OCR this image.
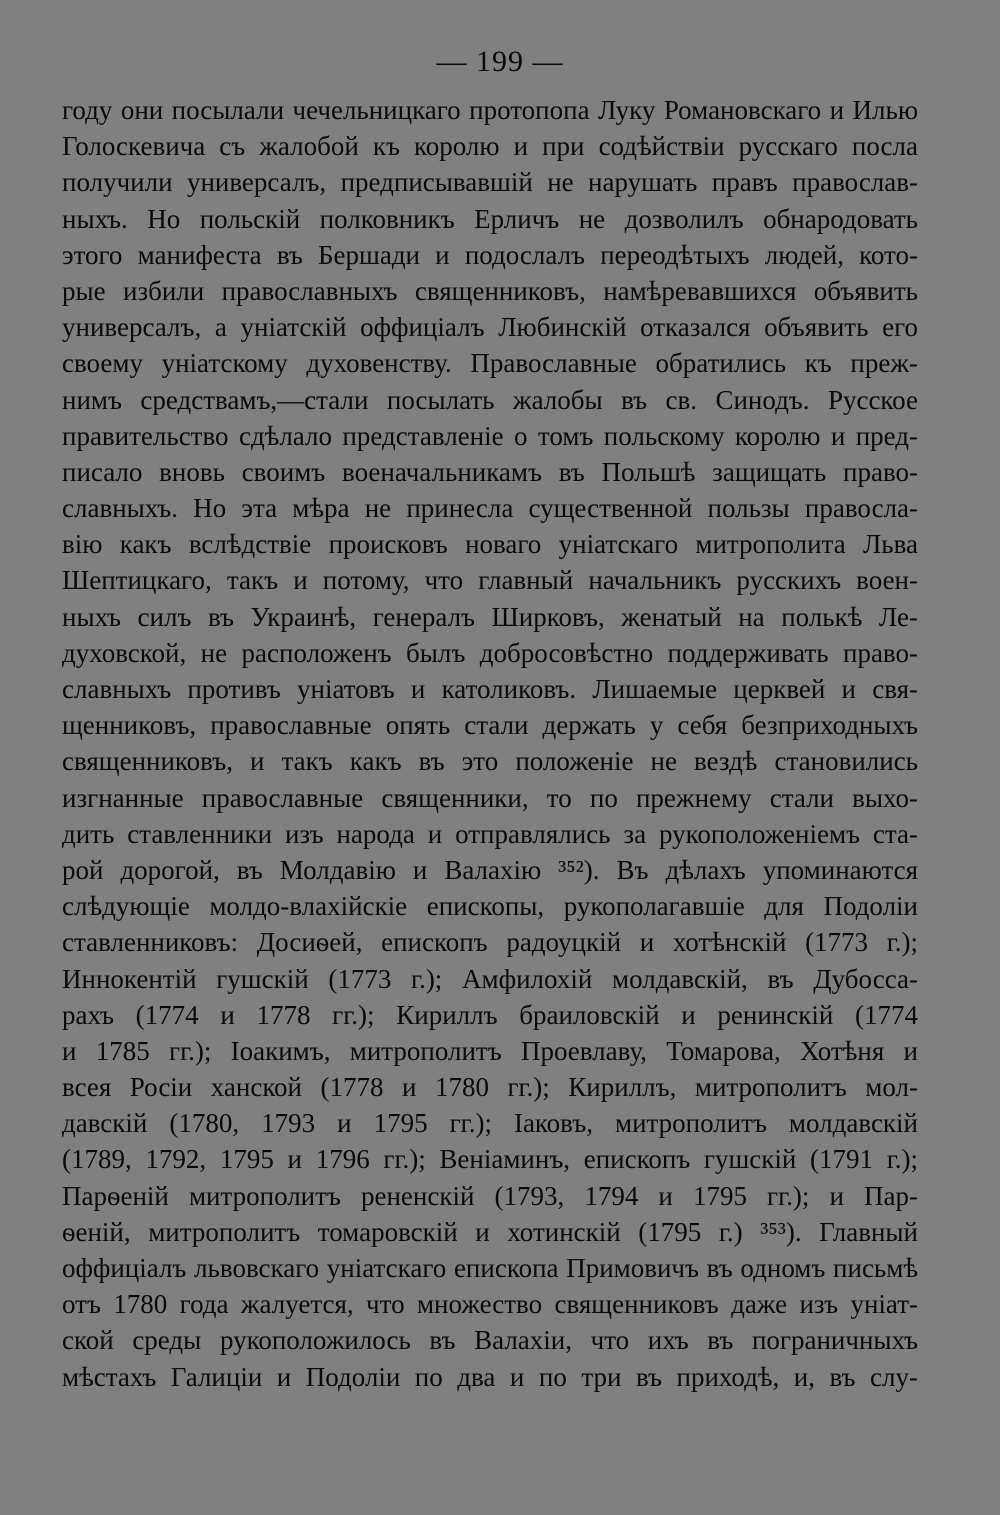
— 199 —
году они посылали чечельницкаго протопопа Луку Романовскаго и Илью
Голоскевича съ жалобой къ королю и при содѣйствіи русскаго посла
получили универсалъ, предписывавшій не нарушать правъ православ-
ныхъ. Но польскій полковникъ Ерличъ не дозволилъ обнародовать
этого манифеста въ Бершади и подослалъ переодѣтыхъ людей, кото-
рые избили православныхъ священниковъ, намѣревавшихся объявить
универсалъ, а уніатскій оффиціалъ Любинскій отказался объявить его
своему уніатскому духовенству. Православные обратились къ преж-
нимъ средствамъ,—стали посылать жалобы въ св. Синодъ. Русское
правительство сдѣлало представленіе о томъ польскому королю и пред-
писало вновь своимъ военачальникамъ въ Польшѣ защищать право-
славныхъ. Но эта мѣра не принесла существенной пользы правосла-
вію какъ вслѣдствіе происковъ новаго уніатскаго митрополита Льва
Шептицкаго, такъ и потому, что главный начальникъ русскихъ воен-
ныхъ силъ въ Украинѣ, генералъ Ширковъ, женатый на полькѣ Ле-
духовской, не расположенъ былъ добросовѣстно поддерживать право-
славныхъ противъ уніатовъ и католиковъ. Лишаемые церквей и свя-
щенниковъ, православные опять стали держать у себя безприходныхъ
священниковъ, и такъ какъ въ это положеніе не вездѣ становились
изгнанные православные священники, то по прежнему стали выхо-
дить ставленники изъ народа и отправлялись за рукоположеніемъ ста-
рой дорогой, въ Молдавію и Валахію ³⁵²). Въ дѣлахъ упоминаются
слѣдующіе молдо-влахійскіе епископы, рукополагавшіе для Подоліи
ставленниковъ: Досиѳей, епископъ радоуцкій и хотѣнскій (1773 г.);
Иннокентій гушскій (1773 г.); Амфилохій молдавскій, въ Дубосса-
рахъ (1774 и 1778 гг.); Кириллъ браиловскій и ренинскій (1774
и 1785 гг.); Іоакимъ, митрополитъ Проевлаву, Томарова, Хотѣня и
всея Росіи ханской (1778 и 1780 гг.); Кириллъ, митрополитъ мол-
давскій (1780, 1793 и 1795 гг.); Іаковъ, митрополитъ молдавскій
(1789, 1792, 1795 и 1796 гг.); Веніаминъ, епископъ гушскій (1791 г.);
Парѳеній митрополитъ рененскій (1793, 1794 и 1795 гг.); и Пар-
ѳеній, митрополитъ томаровскій и хотинскій (1795 г.) ³⁵³). Главный
оффиціалъ львовскаго уніатскаго епископа Примовичъ въ одномъ письмѣ
отъ 1780 года жалуется, что множество священниковъ даже изъ уніат-
ской среды рукоположилось въ Валахіи, что ихъ въ пограничныхъ
мѣстахъ Галиціи и Подоліи по два и по три въ приходѣ, и, въ слу-
